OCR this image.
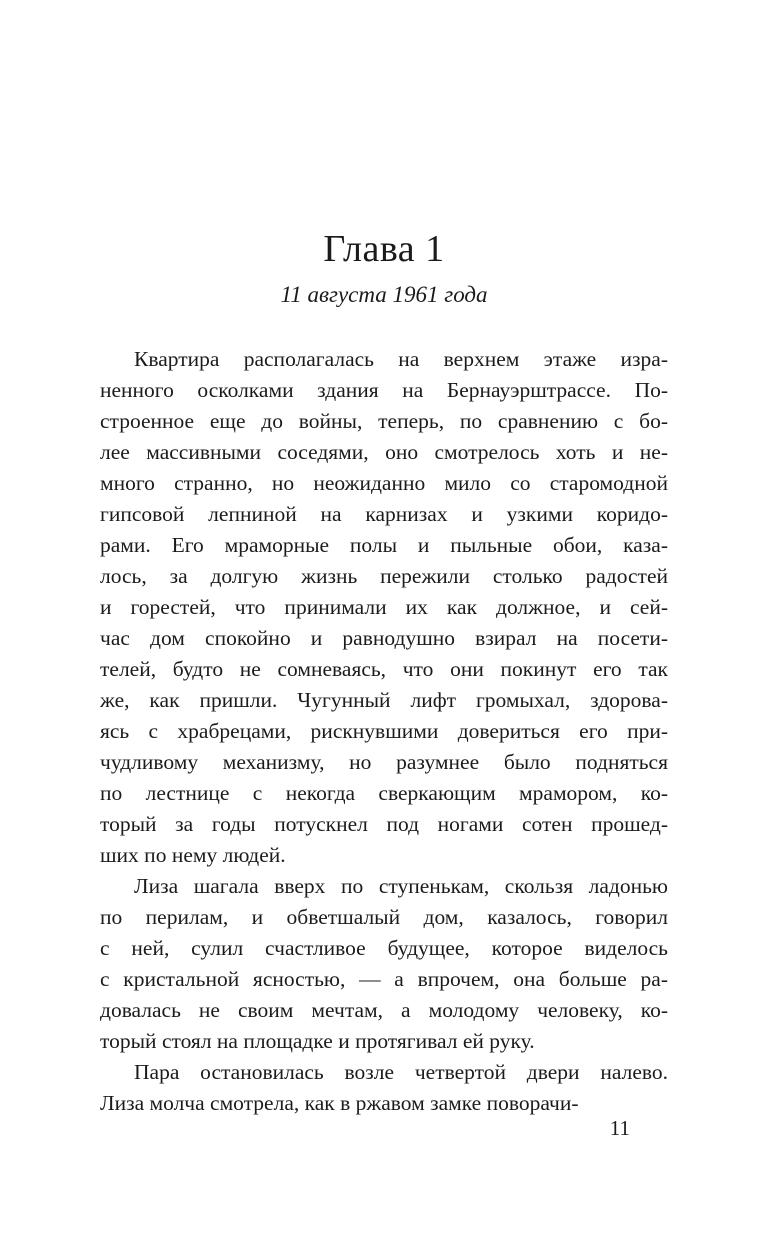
Глава 1
11 августа 1961 года
Квартира располагалась на верхнем этаже изра-
ненного осколками здания на Бернауэрштрассе. По-
строенное еще до войны, теперь, по сравнению с бо-
лее массивными соседями, оно смотрелось хоть и не-
много странно, но неожиданно мило со старомодной
гипсовой лепниной на карнизах и узкими коридо-
рами. Его мраморные полы и пыльные обои, каза-
лось, за долгую жизнь пережили столько радостей
и горестей, что принимали их как должное, и сей-
час дом спокойно и равнодушно взирал на посети-
телей, будто не сомневаясь, что они покинут его так
же, как пришли. Чугунный лифт громыхал, здорова-
ясь с храбрецами, рискнувшими довериться его при-
чудливому механизму, но разумнее было подняться
по лестнице с некогда сверкающим мрамором, ко-
торый за годы потускнел под ногами сотен прошед-
ших по нему людей.
Лиза шагала вверх по ступенькам, скользя ладонью
по перилам, и обветшалый дом, казалось, говорил
с ней, сулил счастливое будущее, которое виделось
с кристальной ясностью, — а впрочем, она больше ра-
довалась не своим мечтам, а молодому человеку, ко-
торый стоял на площадке и протягивал ей руку.
Пара остановилась возле четвертой двери налево.
Лиза молча смотрела, как в ржавом замке поворачи-
11
